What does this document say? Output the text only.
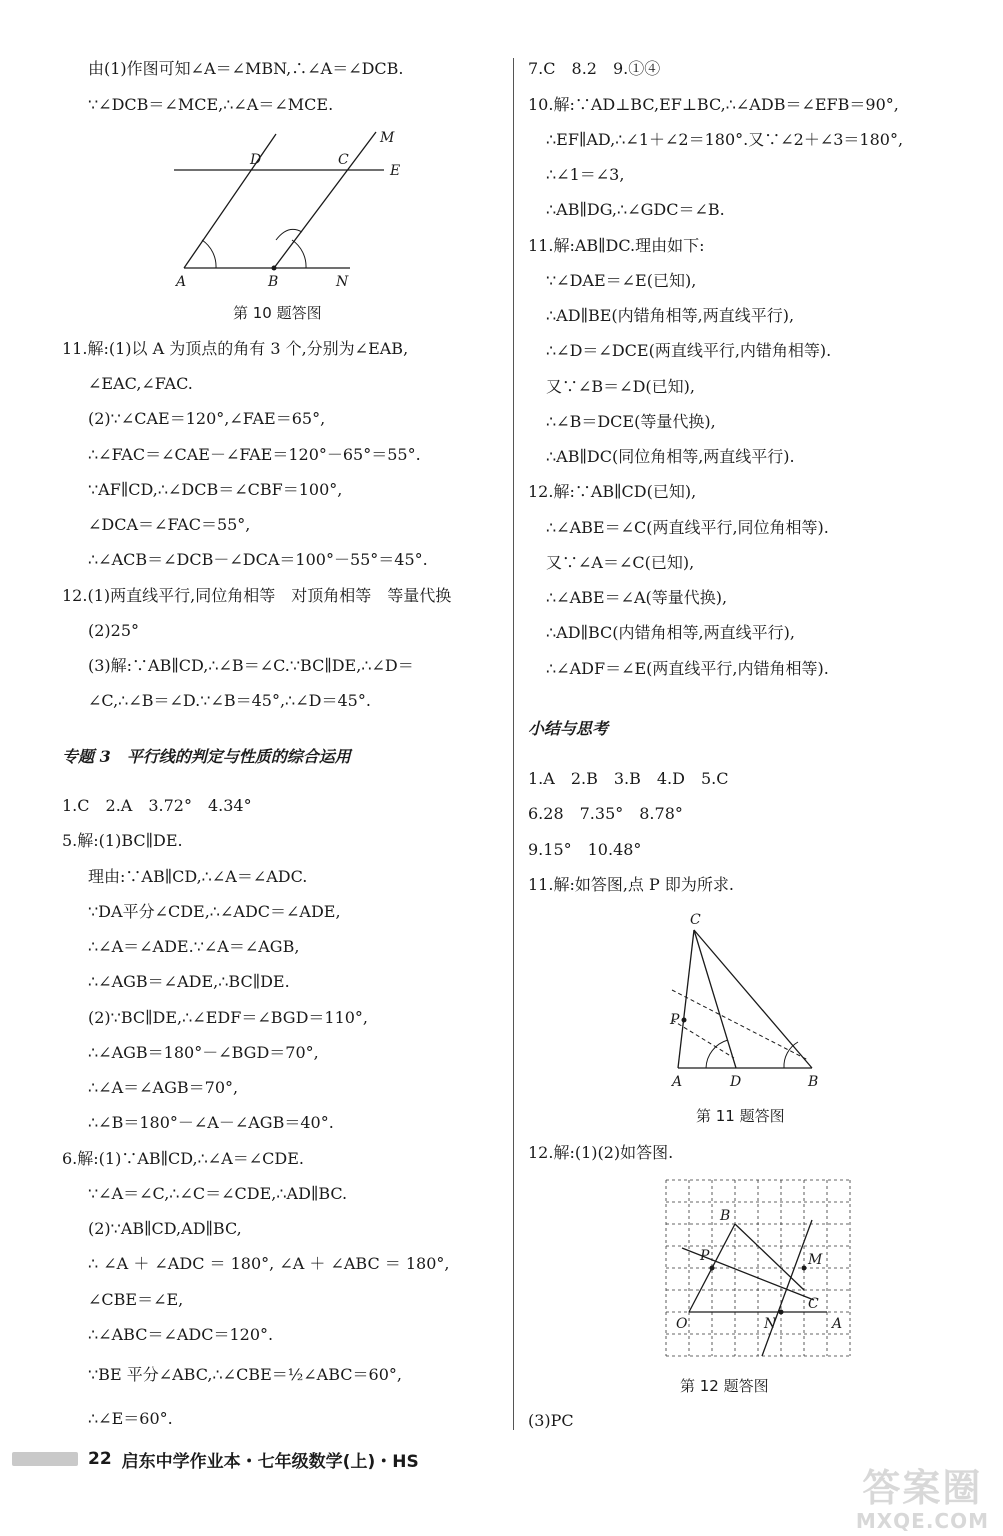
由(1)作图可知∠A＝∠MBN,∴∠A＝∠DCB.
∵∠DCB＝∠MCE,∴∠A＝∠MCE.
D	C
M
E
A	B	N
第 10 题答图
11.解:(1)以 A 为顶点的角有 3 个,分别为∠EAB,
∠EAC,∠FAC.
(2)∵∠CAE＝120°,∠FAE＝65°,
∴∠FAC＝∠CAE－∠FAE＝120°－65°＝55°.
∵AF∥CD,∴∠DCB＝∠CBF＝100°,
∠DCA＝∠FAC＝55°,
∴∠ACB＝∠DCB－∠DCA＝100°－55°＝45°.
12.(1)两直线平行,同位角相等　对顶角相等　等量代换
(2)25°
(3)解:∵AB∥CD,∴∠B＝∠C.∵BC∥DE,∴∠D＝
∠C,∴∠B＝∠D.∵∠B＝45°,∴∠D＝45°.
专题 3　平行线的判定与性质的综合运用
1.C　2.A　3.72°　4.34°
5.解:(1)BC∥DE.
理由:∵AB∥CD,∴∠A＝∠ADC.
∵DA平分∠CDE,∴∠ADC＝∠ADE,
∴∠A＝∠ADE.∵∠A＝∠AGB,
∴∠AGB＝∠ADE,∴BC∥DE.
(2)∵BC∥DE,∴∠EDF＝∠BGD＝110°,
∴∠AGB＝180°－∠BGD＝70°,
∴∠A＝∠AGB＝70°,
∴∠B＝180°－∠A－∠AGB＝40°.
6.解:(1)∵AB∥CD,∴∠A＝∠CDE.
∵∠A＝∠C,∴∠C＝∠CDE,∴AD∥BC.
(2)∵AB∥CD,AD∥BC,
∴ ∠A ＋ ∠ADC ＝ 180°, ∠A ＋ ∠ABC ＝ 180°,
∠CBE＝∠E,
∴∠ABC＝∠ADC＝120°.
∵BE 平分∠ABC,∴∠CBE＝½∠ABC＝60°,
∴∠E＝60°.
7.C　8.2　9.①④
10.解:∵AD⊥BC,EF⊥BC,∴∠ADB＝∠EFB＝90°,
∴EF∥AD,∴∠1＋∠2＝180°.又∵∠2＋∠3＝180°,
∴∠1＝∠3,
∴AB∥DG,∴∠GDC＝∠B.
11.解:AB∥DC.理由如下:
∵∠DAE＝∠E(已知),
∴AD∥BE(内错角相等,两直线平行),
∴∠D＝∠DCE(两直线平行,内错角相等).
又∵∠B＝∠D(已知),
∴∠B＝DCE(等量代换),
∴AB∥DC(同位角相等,两直线平行).
12.解:∵AB∥CD(已知),
∴∠ABE＝∠C(两直线平行,同位角相等).
又∵∠A＝∠C(已知),
∴∠ABE＝∠A(等量代换),
∴AD∥BC(内错角相等,两直线平行),
∴∠ADF＝∠E(两直线平行,内错角相等).
小结与思考
1.A　2.B　3.B　4.D　5.C
6.28　7.35°　8.78°
9.15°　10.48°
11.解:如答图,点 P 即为所求.
C
P
A	D	B
第 11 题答图
12.解:(1)(2)如答图.
B
P	M
C
O	N	A
第 12 题答图
(3)PC
22 启东中学作业本・七年级数学(上)・HS
答案圈
MXQE.COM
